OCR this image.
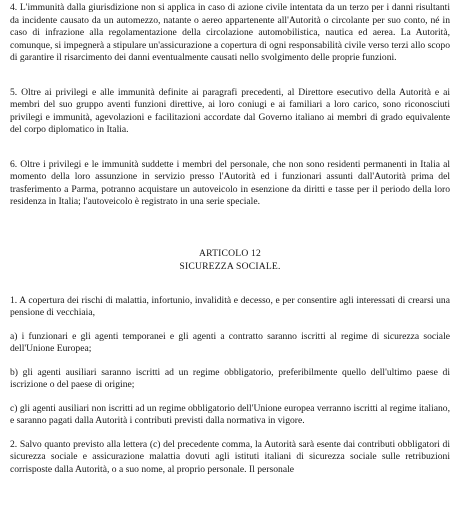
4. L'immunità dalla giurisdizione non si applica in caso di azione civile intentata da un terzo per i danni risultanti da incidente causato da un automezzo, natante o aereo appartenente all'Autorità o circolante per suo conto, né in caso di infrazione alla regolamentazione della circolazione automobilistica, nautica ed aerea. La Autorità, comunque, si impegnerà a stipulare un'assicurazione a copertura di ogni responsabilità civile verso terzi allo scopo di garantire il risarcimento dei danni eventualmente causati nello svolgimento delle proprie funzioni.

5. Oltre ai privilegi e alle immunità definite ai paragrafi precedenti, al Direttore esecutivo della Autorità e ai membri del suo gruppo aventi funzioni direttive, ai loro coniugi e ai familiari a loro carico, sono riconosciuti privilegi e immunità, agevolazioni e facilitazioni accordate dal Governo italiano ai membri di grado equivalente del corpo diplomatico in Italia.

6. Oltre i privilegi e le immunità suddette i membri del personale, che non sono residenti permanenti in Italia al momento della loro assunzione in servizio presso l'Autorità ed i funzionari assunti dall'Autorità prima del trasferimento a Parma, potranno acquistare un autoveicolo in esenzione da diritti e tasse per il periodo della loro residenza in Italia; l'autoveicolo è registrato in una serie speciale.

ARTICOLO 12
SICUREZZA SOCIALE.

1. A copertura dei rischi di malattia, infortunio, invalidità e decesso, e per consentire agli interessati di crearsi una pensione di vecchiaia,

a) i funzionari e gli agenti temporanei e gli agenti a contratto saranno iscritti al regime di sicurezza sociale dell'Unione Europea;

b) gli agenti ausiliari saranno iscritti ad un regime obbligatorio, preferibilmente quello dell'ultimo paese di iscrizione o del paese di origine;

c) gli agenti ausiliari non iscritti ad un regime obbligatorio dell'Unione europea verranno iscritti al regime italiano, e saranno pagati dalla Autorità i contributi previsti dalla normativa in vigore.

2. Salvo quanto previsto alla lettera (c) del precedente comma, la Autorità sarà esente dai contributi obbligatori di sicurezza sociale e assicurazione malattia dovuti agli istituti italiani di sicurezza sociale sulle retribuzioni corrisposte dalla Autorità, o a suo nome, al proprio personale. Il personale
